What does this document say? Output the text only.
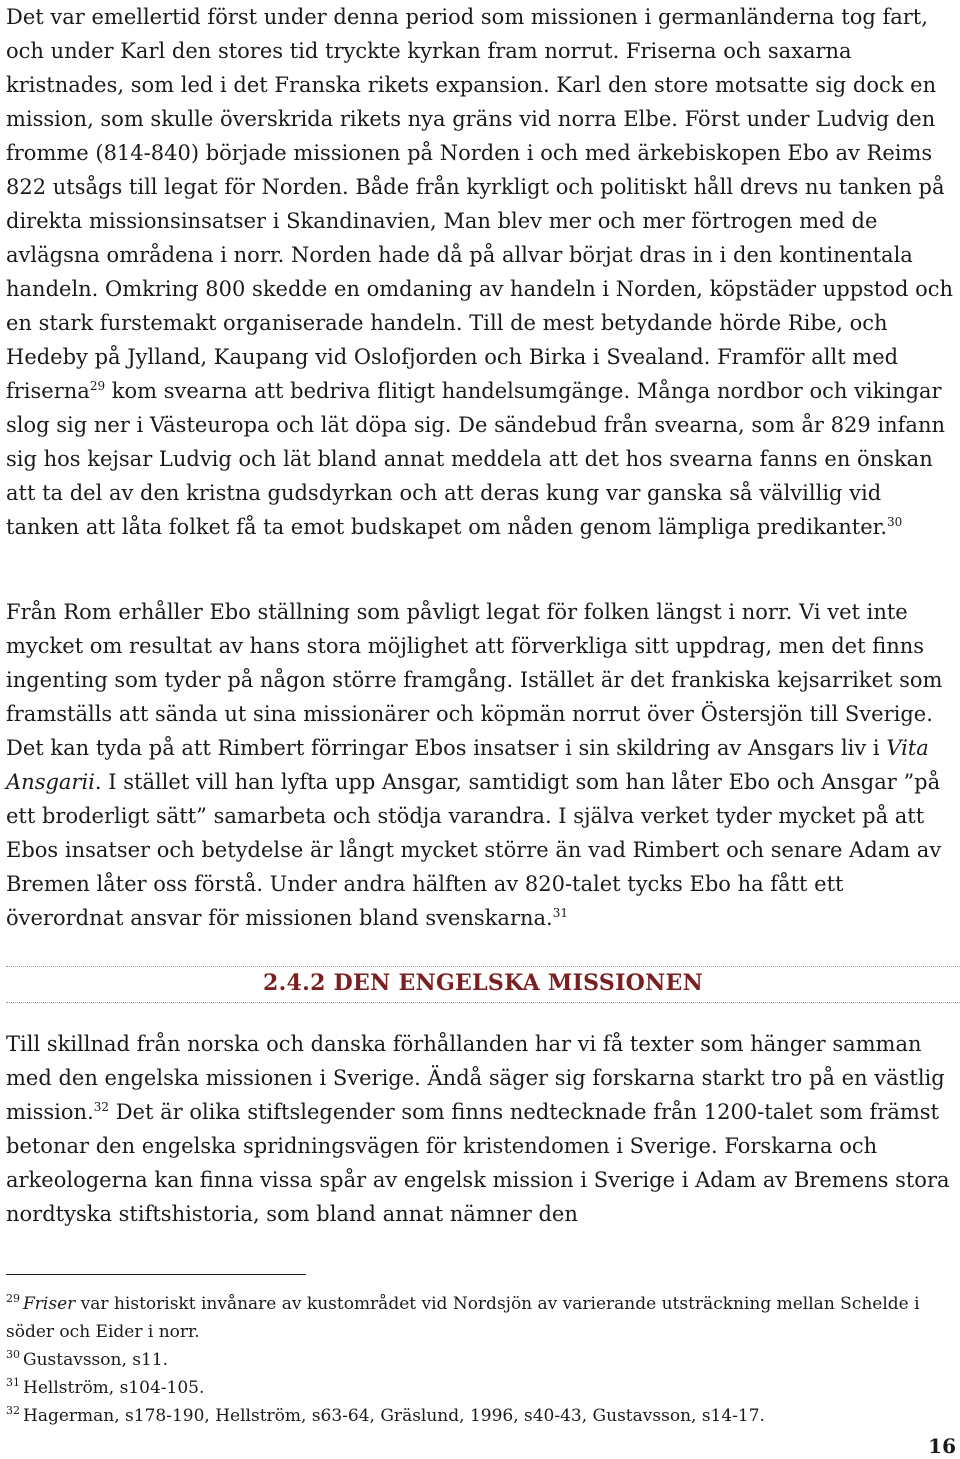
Det var emellertid först under denna period som missionen i germanländerna tog fart, och under Karl den stores tid tryckte kyrkan fram norrut. Friserna och saxarna kristnades, som led i det Franska rikets expansion. Karl den store motsatte sig dock en mission, som skulle överskrida rikets nya gräns vid norra Elbe. Först under Ludvig den fromme (814-840) började missionen på Norden i och med ärkebiskopen Ebo av Reims 822 utsågs till legat för Norden. Både från kyrkligt och politiskt håll drevs nu tanken på direkta missionsinsatser i Skandinavien, Man blev mer och mer förtrogen med de avlägsna områdena i norr. Norden hade då på allvar börjat dras in i den kontinentala handeln. Omkring 800 skedde en omdaning av handeln i Norden, köpstäder uppstod och en stark furstemakt organiserade handeln. Till de mest betydande hörde Ribe, och Hedeby på Jylland, Kaupang vid Oslofjorden och Birka i Svealand. Framför allt med friserna$^{29}$ kom svearna att bedriva flitigt handelsumgänge. Många nordbor och vikingar slog sig ner i Västeuropa och lät döpa sig. De sändebud från svearna, som år 829 infann sig hos kejsar Ludvig och lät bland annat meddela att det hos svearna fanns en önskan att ta del av den kristna gudsdyrkan och att deras kung var ganska så välvillig vid tanken att låta folket få ta emot budskapet om nåden genom lämpliga predikanter.$^{30}$

Från Rom erhåller Ebo ställning som påvligt legat för folken längst i norr. Vi vet inte mycket om resultat av hans stora möjlighet att förverkliga sitt uppdrag, men det finns ingenting som tyder på någon större framgång. Istället är det frankiska kejsarriket som framställs att sända ut sina missionärer och köpmän norrut över Östersjön till Sverige. Det kan tyda på att Rimbert förringar Ebos insatser i sin skildring av Ansgars liv i Vita Ansgarii. I stället vill han lyfta upp Ansgar, samtidigt som han låter Ebo och Ansgar ”på ett broderligt sätt” samarbeta och stödja varandra. I själva verket tyder mycket på att Ebos insatser och betydelse är långt mycket större än vad Rimbert och senare Adam av Bremen låter oss förstå. Under andra hälften av 820-talet tycks Ebo ha fått ett överordnat ansvar för missionen bland svenskarna.$^{31}$

2.4.2 DEN ENGELSKA MISSIONEN

Till skillnad från norska och danska förhållanden har vi få texter som hänger samman med den engelska missionen i Sverige. Ändå säger sig forskarna starkt tro på en västlig mission.$^{32}$ Det är olika stiftslegender som finns nedtecknade från 1200-talet som främst betonar den engelska spridningsvägen för kristendomen i Sverige. Forskarna och arkeologerna kan finna vissa spår av engelsk mission i Sverige i Adam av Bremens stora nordtyska stiftshistoria, som bland annat nämner den

$^{29}$ Friser var historiskt invånare av kustområdet vid Nordsjön av varierande utsträckning mellan Schelde i söder och Eider i norr.

$^{30}$ Gustavsson, s11.

$^{31}$ Hellström, s104-105.

$^{32}$ Hagerman, s178-190, Hellström, s63-64, Gräslund, 1996, s40-43, Gustavsson, s14-17.

16
